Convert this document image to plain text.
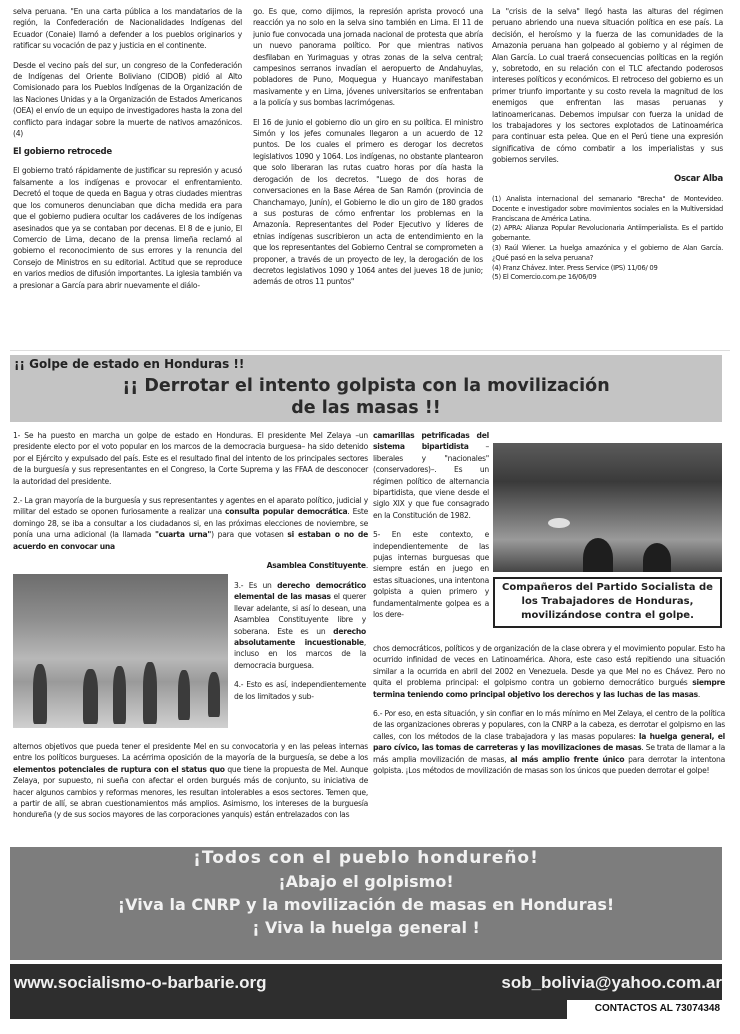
selva peruana. "En una carta pública a los mandatarios de la región, la Confederación de Nacionalidades Indígenas del Ecuador (Conaie) llamó a defender a los pueblos originarios y ratificar su vocación de paz y justicia en el continente.

Desde el vecino país del sur, un congreso de la Confederación de Indígenas del Oriente Boliviano (CIDOB) pidió al Alto Comisionado para los Pueblos Indígenas de la Organización de las Naciones Unidas y a la Organización de Estados Americanos (OEA) el envío de un equipo de investigadores hasta la zona del conflicto para indagar sobre la muerte de nativos amazónicos. (4)

El gobierno retrocede

El gobierno trató rápidamente de justificar su represión y acusó falsamente a los indígenas e provocar el enfrentamiento. Decretó el toque de queda en Bagua y otras ciudades mientras que los comuneros denunciaban que dicha medida era para que el gobierno pudiera ocultar los cadáveres de los indígenas asesinados que ya se contaban por decenas. El 8 de e junio, El Comercio de Lima, decano de la prensa limeña reclamó al gobierno el reconocimiento de sus errores y la renuncia del Consejo de Ministros en su editorial. Actitud que se reproduce en varios medios de difusión importantes. La iglesia también va a presionar a García para abrir nuevamente el diálo-

go. Es que, como dijimos, la represión aprista provocó una reacción ya no solo en la selva sino también en Lima. El 11 de junio fue convocada una jornada nacional de protesta que abría un nuevo panorama político. Por que mientras nativos desfilaban en Yurimaguas y otras zonas de la selva central; campesinos serranos invadían el aeropuerto de Andahuylas, pobladores de Puno, Moquegua y Huancayo manifestaban masivamente y en Lima, jóvenes universitarios se enfrentaban a la policía y sus bombas lacrimógenas.

El 16 de junio el gobierno dio un giro en su política. El ministro Simón y los jefes comunales llegaron a un acuerdo de 12 puntos. De los cuales el primero es derogar los decretos legislativos 1090 y 1064. Los indígenas, no obstante plantearon que solo liberaran las rutas cuatro horas por día hasta la derogación de los decretos. "Luego de dos horas de conversaciones en la Base Aérea de San Ramón (provincia de Chanchamayo, Junín), el Gobierno le dio un giro de 180 grados a sus posturas de cómo enfrentar los problemas en la Amazonía. Representantes del Poder Ejecutivo y líderes de etnias indígenas suscribieron un acta de entendimiento en la que los representantes del Gobierno Central se comprometen a proponer, a través de un proyecto de ley, la derogación de los decretos legislativos 1090 y 1064 antes del jueves 18 de junio; además de otros 11 puntos"

La "crisis de la selva" llegó hasta las alturas del régimen peruano abriendo una nueva situación política en ese país. La decisión, el heroísmo y la fuerza de las comunidades de la Amazonia peruana han golpeado al gobierno y al régimen de Alan García. Lo cual traerá consecuencias políticas en la región y, sobretodo, en su relación con el TLC afectando poderosos intereses políticos y económicos. El retroceso del gobierno es un primer triunfo importante y su costo revela la magnitud de los enemigos que enfrentan las masas peruanas y latinoamericanas. Debemos impulsar con fuerza la unidad de los trabajadores y los sectores explotados de Latinoamérica para continuar esta pelea. Que en el Perú tiene una expresión significativa de cómo combatir a los imperialistas y sus gobiernos serviles.

Oscar Alba
(1) Analista internacional del semanario "Brecha" de Montevideo. Docente e investigador sobre movimientos sociales en la Multiversidad Franciscana de América Latina.
(2) APRA: Alianza Popular Revolucionaria Antiimperialista. Es el partido gobernante.
(3) Raúl Wiener. La huelga amazónica y el gobierno de Alan García. ¿Qué pasó en la selva peruana?
(4) Franz Chávez. Inter. Press Service (IPS) 11/06/ 09
(5) El Comercio.com.pe 16/06/09
¡¡ Golpe de estado en Honduras !!
¡¡ Derrotar el intento golpista con la movilización
de las masas !!

1- Se ha puesto en marcha un golpe de estado en Honduras. El presidente Mel Zelaya –un presidente electo por el voto popular en los marcos de la democracia burguesa– ha sido detenido por el Ejército y expulsado del país. Este es el resultado final del intento de los principales sectores de la burguesía y sus representantes en el Congreso, la Corte Suprema y las FFAA de desconocer la autoridad del presidente.

2.- La gran mayoría de la burguesía y sus representantes y agentes en el aparato político, judicial y militar del estado se oponen furiosamente a realizar una consulta popular democrática. Este domingo 28, se iba a consultar a los ciudadanos si, en las próximas elecciones de noviembre, se ponía una urna adicional (la llamada "cuarta urna") para que votasen si estaban o no de acuerdo en convocar una

Asamblea Constituyente.

3.- Es un derecho democrático elemental de las masas el querer llevar adelante, si así lo desean, una Asamblea Constituyente libre y soberana. Este es un derecho absolutamente incuestionable, incluso en los marcos de la democracia burguesa.

4.- Esto es así, independientemente de los limitados y sub-

alternos objetivos que pueda tener el presidente Mel en su convocatoria y en las peleas internas entre los políticos burgueses. La acérrima oposición de la mayoría de la burguesía, se debe a los elementos potenciales de ruptura con el status quo que tiene la propuesta de Mel. Aunque Zelaya, por supuesto, ni sueña con afectar el orden burgués más de conjunto, su iniciativa de hacer algunos cambios y reformas menores, les resultan intolerables a esos sectores. Temen que, a partir de allí, se abran cuestionamientos más amplios. Asimismo, los intereses de la burguesía hondureña (y de sus socios mayores de las corporaciones yanquis) están entrelazados con las

camarillas petrificadas del sistema bipartidista –liberales y "nacionales" (conservadores)–. Es un régimen político de alternancia bipartidista, que viene desde el siglo XIX y que fue consagrado en la Constitución de 1982.

5- En este contexto, e independientemente de las pujas internas burguesas que siempre están en juego en estas situaciones, una intentona golpista a quien primero y fundamentalmente golpea es a los dere-

Compañeros del Partido Socialista de los Trabajadores de Honduras, movilizándose contra el golpe.

chos democráticos, políticos y de organización de la clase obrera y el movimiento popular. Esto ha ocurrido infinidad de veces en Latinoamérica. Ahora, este caso está repitiendo una situación similar a la ocurrida en abril del 2002 en Venezuela. Desde ya que Mel no es Chávez. Pero no quita el problema principal: el golpismo contra un gobierno democrático burgués siempre termina teniendo como principal objetivo los derechos y las luchas de las masas.

6.- Por eso, en esta situación, y sin confiar en lo más mínimo en Mel Zelaya, el centro de la política de las organizaciones obreras y populares, con la CNRP a la cabeza, es derrotar el golpismo en las calles, con los métodos de la clase trabajadora y las masas populares: la huelga general, el paro cívico, las tomas de carreteras y las movilizaciones de masas. Se trata de llamar a la más amplia movilización de masas, al más amplio frente único para derrotar la intentona golpista. ¡Los métodos de movilización de masas son los únicos que pueden derrotar el golpe!

¡Todos con el pueblo hondureño!
¡Abajo el golpismo!
¡Viva la CNRP y la movilización de masas en Honduras!
¡ Viva la huelga general !
www.socialismo-o-barbarie.org	sob_bolivia@yahoo.com.ar
CONTACTOS AL 73074348
